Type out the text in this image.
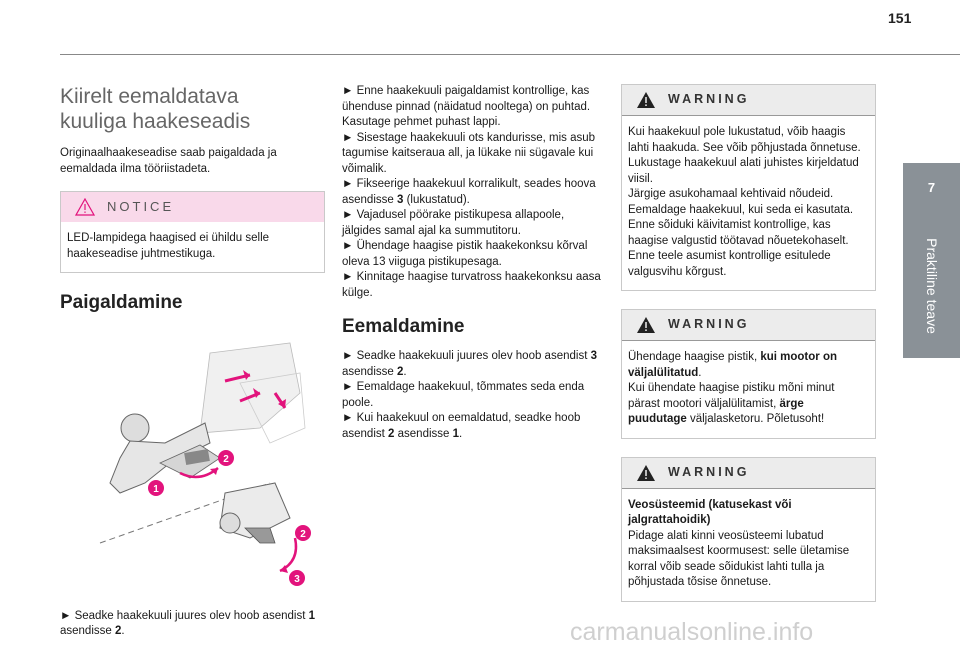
151
7
Praktiline teave
Kiirelt eemaldatava
kuuliga haakeseadis

Originaalhaakeseadise saab paigaldada ja eemaldada ilma tööriistadeta.

NOTICE
LED-lampidega haagised ei ühildu selle haakeseadise juhtmestikuga.
Paigaldamine
2
1
2
3

► Seadke haakekuuli juures olev hoob asendist 1 asendisse 2.

► Enne haakekuuli paigaldamist kontrollige, kas ühenduse pinnad (näidatud nooltega) on puhtad. Kasutage pehmet puhast lappi.

► Sisestage haakekuuli ots kandurisse, mis asub tagumise kaitseraua all, ja lükake nii sügavale kui võimalik.

► Fikseerige haakekuul korralikult, seades hoova asendisse 3 (lukustatud).

► Vajadusel pöörake pistikupesa allapoole, jälgides samal ajal ka summutitoru.

► Ühendage haagise pistik haakekonksu kõrval oleva 13 viiguga pistikupesaga.

► Kinnitage haagise turvatross haakekonksu aasa külge.

Eemaldamine

► Seadke haakekuuli juures olev hoob asendist 3 asendisse 2.

► Eemaldage haakekuul, tõmmates seda enda poole.

► Kui haakekuul on eemaldatud, seadke hoob asendist 2 asendisse 1.

WARNING
Kui haakekuul pole lukustatud, võib haagis lahti haakuda. See võib põhjustada õnnetuse. Lukustage haakekuul alati juhistes kirjeldatud viisil.
Järgige asukohamaal kehtivaid nõudeid.
Eemaldage haakekuul, kui seda ei kasutata. Enne sõiduki käivitamist kontrollige, kas haagise valgustid töötavad nõuetekohaselt. Enne teele asumist kontrollige esitulede valgusvihu kõrgust.
WARNING
Ühendage haagise pistik, kui mootor on väljalülitatud.
Kui ühendate haagise pistiku mõni minut pärast mootori väljalülitamist, ärge puudutage väljalasketoru. Põletusoht!
WARNING
Veosüsteemid (katusekast või jalgrattahoidik)
Pidage alati kinni veosüsteemi lubatud maksimaalsest koormusest: selle ületamise korral võib seade sõidukist lahti tulla ja põhjustada tõsise õnnetuse.
carmanualsonline.info
